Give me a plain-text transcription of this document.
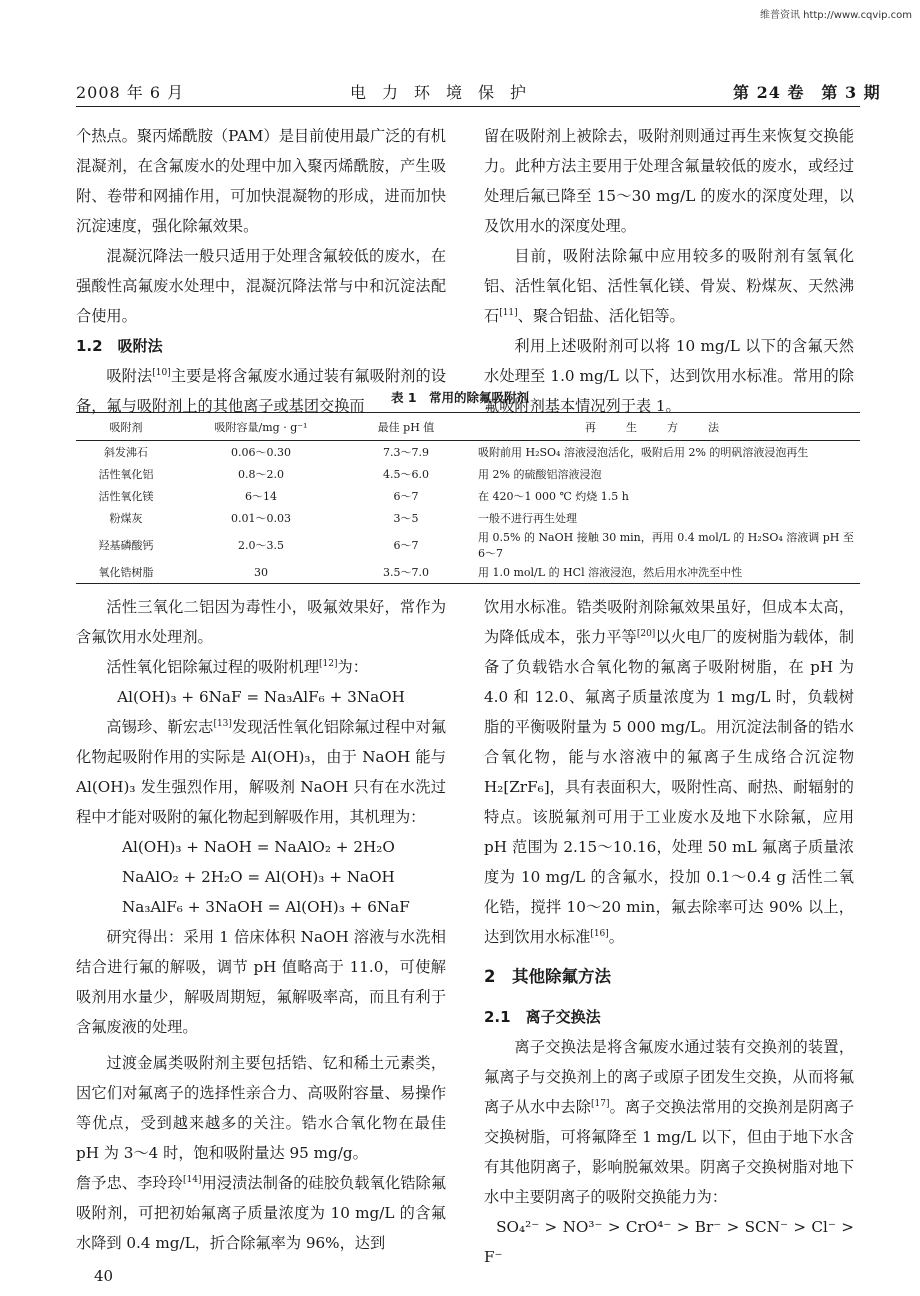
维普资讯 http://www.cqvip.com
2008 年 6 月	电力环境保护	第 24 卷　第 3 期

个热点。聚丙烯酰胺（PAM）是目前使用最广泛的有机混凝剂，在含氟废水的处理中加入聚丙烯酰胺，产生吸附、卷带和网捕作用，可加快混凝物的形成，进而加快沉淀速度，强化除氟效果。

混凝沉降法一般只适用于处理含氟较低的废水，在强酸性高氟废水处理中，混凝沉降法常与中和沉淀法配合使用。

1.2　吸附法

吸附法[10]主要是将含氟废水通过装有氟吸附剂的设备，氟与吸附剂上的其他离子或基团交换而

留在吸附剂上被除去，吸附剂则通过再生来恢复交换能力。此种方法主要用于处理含氟量较低的废水，或经过处理后氟已降至 15～30 mg/L 的废水的深度处理，以及饮用水的深度处理。

目前，吸附法除氟中应用较多的吸附剂有氢氧化铝、活性氧化铝、活性氧化镁、骨炭、粉煤灰、天然沸石[11]、聚合铝盐、活化铝等。

利用上述吸附剂可以将 10 mg/L 以下的含氟天然水处理至 1.0 mg/L 以下，达到饮用水标准。常用的除氟吸附剂基本情况列于表 1。

表 1　常用的除氟吸附剂
吸附剂	吸附容量/mg · g⁻¹	最佳 pH 值	再生方法
斜发沸石	0.06～0.30	7.3～7.9	吸附前用 H₂SO₄ 溶液浸泡活化，吸附后用 2% 的明矾溶液浸泡再生
活性氧化铝	0.8～2.0	4.5～6.0	用 2% 的硫酸铝溶液浸泡
活性氧化镁	6～14	6～7	在 420～1 000 ℃ 灼烧 1.5 h
粉煤灰	0.01～0.03	3～5	一般不进行再生处理
羟基磷酸钙	2.0～3.5	6～7	用 0.5% 的 NaOH 接触 30 min，再用 0.4 mol/L 的 H₂SO₄ 溶液调 pH 至 6～7
氧化锆树脂	30	3.5～7.0	用 1.0 mol/L 的 HCl 溶液浸泡，然后用水冲洗至中性

活性三氧化二铝因为毒性小，吸氟效果好，常作为含氟饮用水处理剂。

活性氧化铝除氟过程的吸附机理[12]为：

Al(OH)₃ + 6NaF = Na₃AlF₆ + 3NaOH

高锡珍、靳宏志[13]发现活性氧化铝除氟过程中对氟化物起吸附作用的实际是 Al(OH)₃，由于 NaOH 能与 Al(OH)₃ 发生强烈作用，解吸剂 NaOH 只有在水洗过程中才能对吸附的氟化物起到解吸作用，其机理为：

Al(OH)₃ + NaOH = NaAlO₂ + 2H₂O

NaAlO₂ + 2H₂O = Al(OH)₃ + NaOH

Na₃AlF₆ + 3NaOH = Al(OH)₃ + 6NaF

研究得出：采用 1 倍床体积 NaOH 溶液与水洗相结合进行氟的解吸，调节 pH 值略高于 11.0，可使解吸剂用水量少，解吸周期短，氟解吸率高，而且有利于含氟废液的处理。

过渡金属类吸附剂主要包括锆、钇和稀土元素类，因它们对氟离子的选择性亲合力、高吸附容量、易操作等优点，受到越来越多的关注。锆水合氧化物在最佳 pH 为 3～4 时，饱和吸附量达 95 mg/g。

詹予忠、李玲玲[14]用浸渍法制备的硅胶负载氧化锆除氟吸附剂，可把初始氟离子质量浓度为 10 mg/L 的含氟水降到 0.4 mg/L，折合除氟率为 96%，达到

饮用水标准。锆类吸附剂除氟效果虽好，但成本太高，为降低成本，张力平等[20]以火电厂的废树脂为载体，制备了负载锆水合氧化物的氟离子吸附树脂，在 pH 为 4.0 和 12.0、氟离子质量浓度为 1 mg/L 时，负载树脂的平衡吸附量为 5 000 mg/L。用沉淀法制备的锆水合氧化物，能与水溶液中的氟离子生成络合沉淀物 H₂[ZrF₆]，具有表面积大，吸附性高、耐热、耐辐射的特点。该脱氟剂可用于工业废水及地下水除氟，应用 pH 范围为 2.15～10.16，处理 50 mL 氟离子质量浓度为 10 mg/L 的含氟水，投加 0.1～0.4 g 活性二氧化锆，搅拌 10～20 min，氟去除率可达 90% 以上，达到饮用水标准[16]。

2　其他除氟方法

2.1　离子交换法

离子交换法是将含氟废水通过装有交换剂的装置，氟离子与交换剂上的离子或原子团发生交换，从而将氟离子从水中去除[17]。离子交换法常用的交换剂是阴离子交换树脂，可将氟降至 1 mg/L 以下，但由于地下水含有其他阴离子，影响脱氟效果。阴离子交换树脂对地下水中主要阴离子的吸附交换能力为：

SO₄²⁻ > NO³⁻ > CrO⁴⁻ > Br⁻ > SCN⁻ > Cl⁻ > F⁻

40
